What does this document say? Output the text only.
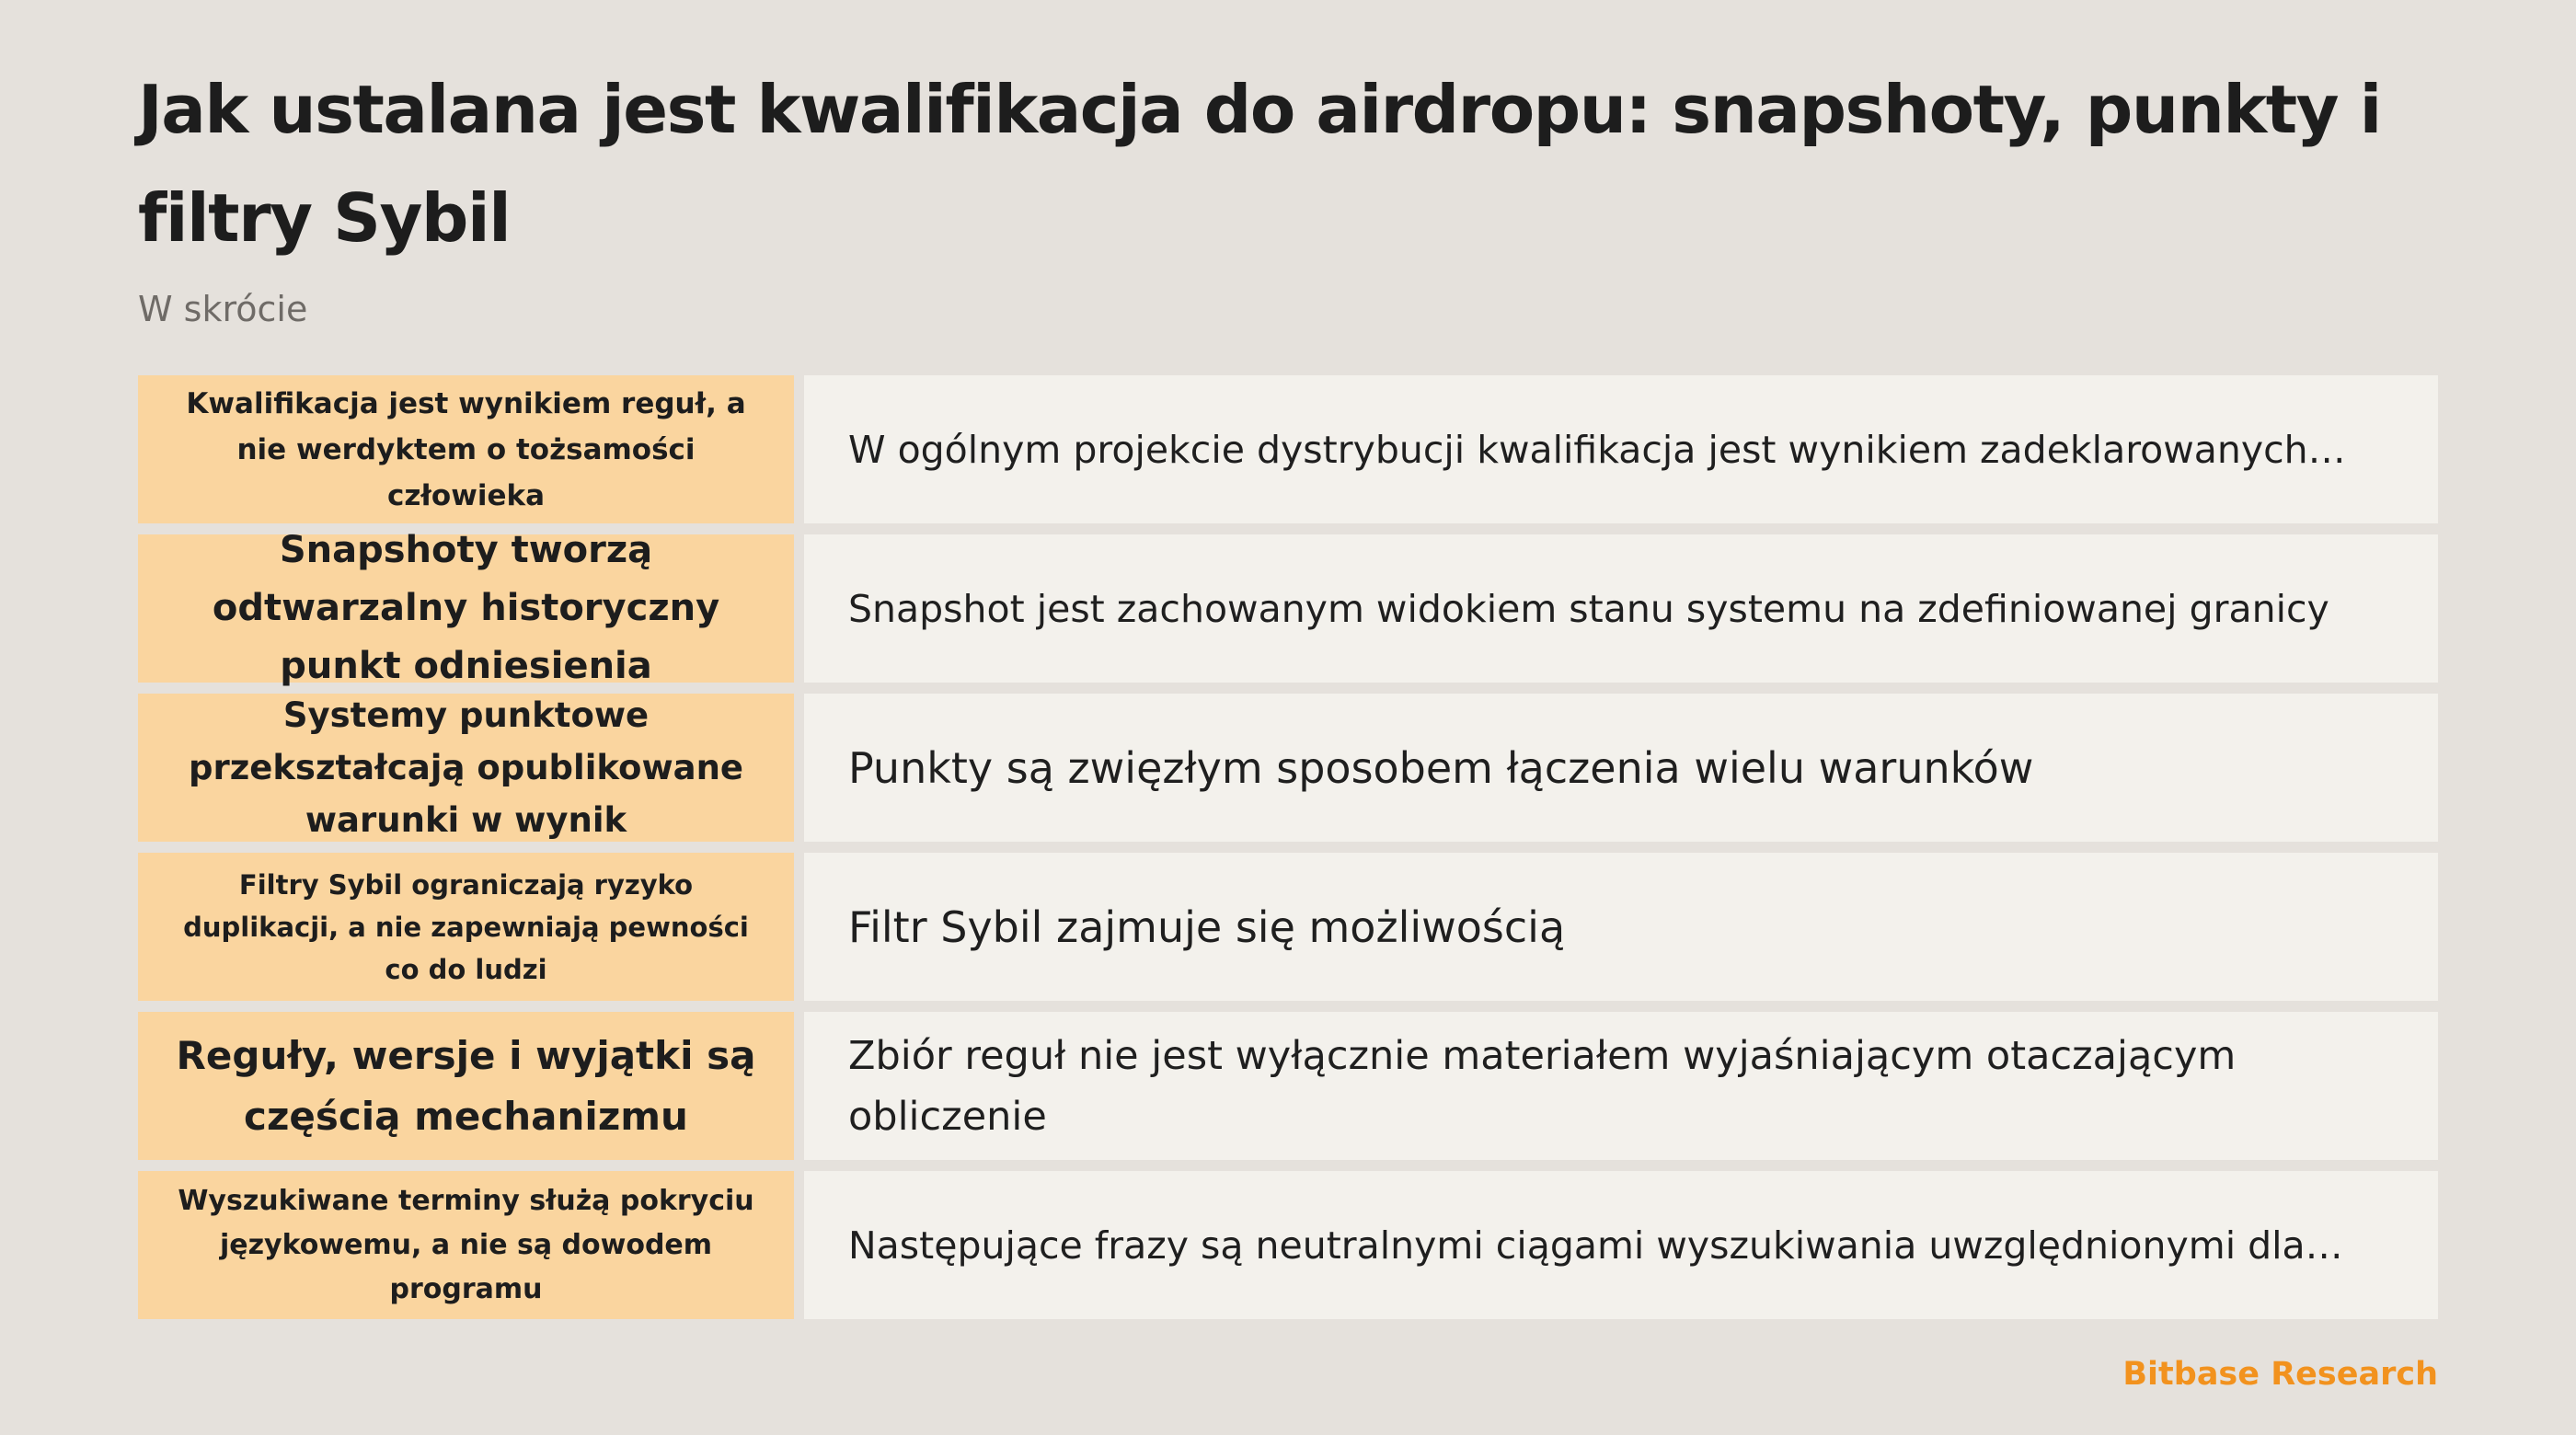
Jak ustalana jest kwalifikacja do airdropu: snapshoty, punkty i filtry Sybil

W skrócie

Kwalifikacja jest wynikiem reguł, a nie werdyktem o tożsamości człowieka
W ogólnym projekcie dystrybucji kwalifikacja jest wynikiem zadeklarowanych…
Snapshoty tworzą odtwarzalny historyczny punkt odniesienia
Snapshot jest zachowanym widokiem stanu systemu na zdefiniowanej granicy
Systemy punktowe przekształcają opublikowane warunki w wynik
Punkty są zwięzłym sposobem łączenia wielu warunków
Filtry Sybil ograniczają ryzyko duplikacji, a nie zapewniają pewności co do ludzi
Filtr Sybil zajmuje się możliwością
Reguły, wersje i wyjątki są częścią mechanizmu
Zbiór reguł nie jest wyłącznie materiałem wyjaśniającym otaczającym obliczenie
Wyszukiwane terminy służą pokryciu językowemu, a nie są dowodem programu
Następujące frazy są neutralnymi ciągami wyszukiwania uwzględnionymi dla…

Bitbase Research
